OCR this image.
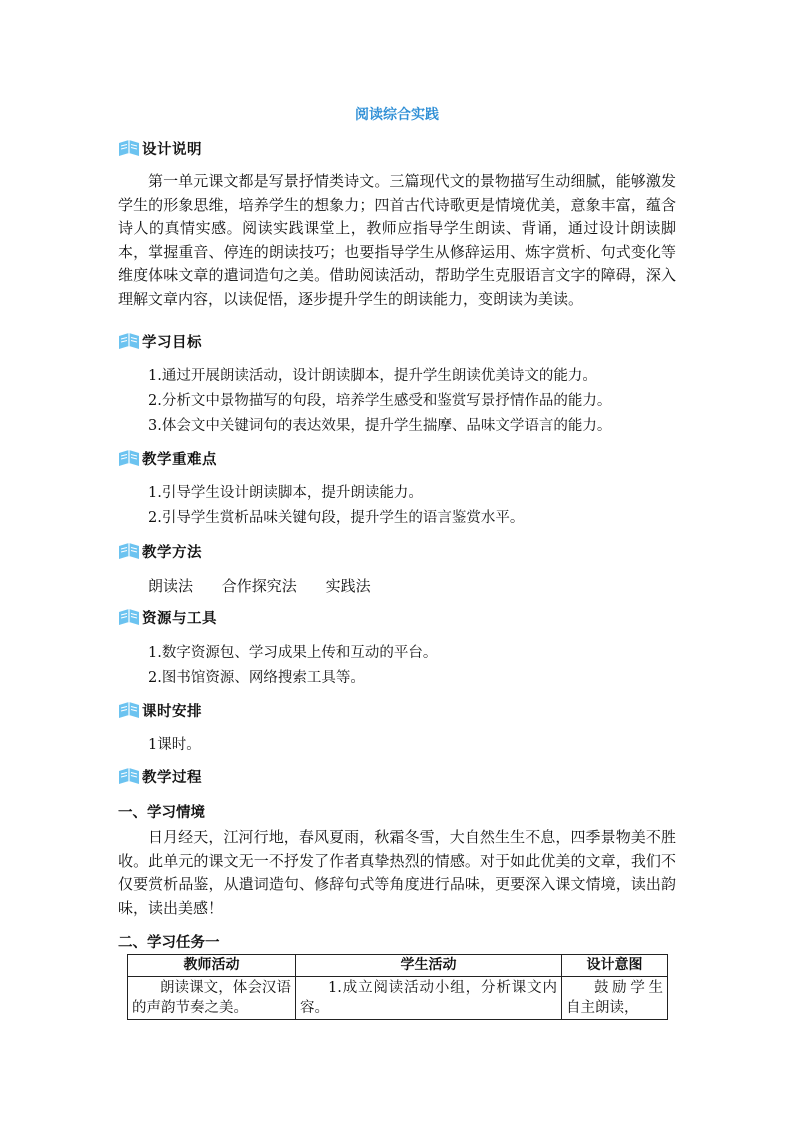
阅读综合实践
设计说明

第一单元课文都是写景抒情类诗文。三篇现代文的景物描写生动细腻，能够激发学生的形象思维，培养学生的想象力；四首古代诗歌更是情境优美，意象丰富，蕴含诗人的真情实感。阅读实践课堂上，教师应指导学生朗读、背诵，通过设计朗读脚本，掌握重音、停连的朗读技巧；也要指导学生从修辞运用、炼字赏析、句式变化等维度体味文章的遣词造句之美。借助阅读活动，帮助学生克服语言文字的障碍，深入理解文章内容，以读促悟，逐步提升学生的朗读能力，变朗读为美读。

学习目标
1.通过开展朗读活动，设计朗读脚本，提升学生朗读优美诗文的能力。
2.分析文中景物描写的句段，培养学生感受和鉴赏写景抒情作品的能力。
3.体会文中关键词句的表达效果，提升学生揣摩、品味文学语言的能力。
教学重难点
1.引导学生设计朗读脚本，提升朗读能力。
2.引导学生赏析品味关键句段，提升学生的语言鉴赏水平。
教学方法
朗读法 合作探究法 实践法
资源与工具
1.数字资源包、学习成果上传和互动的平台。
2.图书馆资源、网络搜索工具等。
课时安排
1课时。
教学过程
一、学习情境

日月经天，江河行地，春风夏雨，秋霜冬雪，大自然生生不息，四季景物美不胜收。此单元的课文无一不抒发了作者真挚热烈的情感。对于如此优美的文章，我们不仅要赏析品鉴，从遣词造句、修辞句式等角度进行品味，更要深入课文情境，读出韵味，读出美感！

二、学习任务一
教师活动	学生活动	设计意图
朗读课文，体会汉语的声韵节奏之美。	1.成立阅读活动小组，分析课文内容。	鼓励学生自主朗读，
